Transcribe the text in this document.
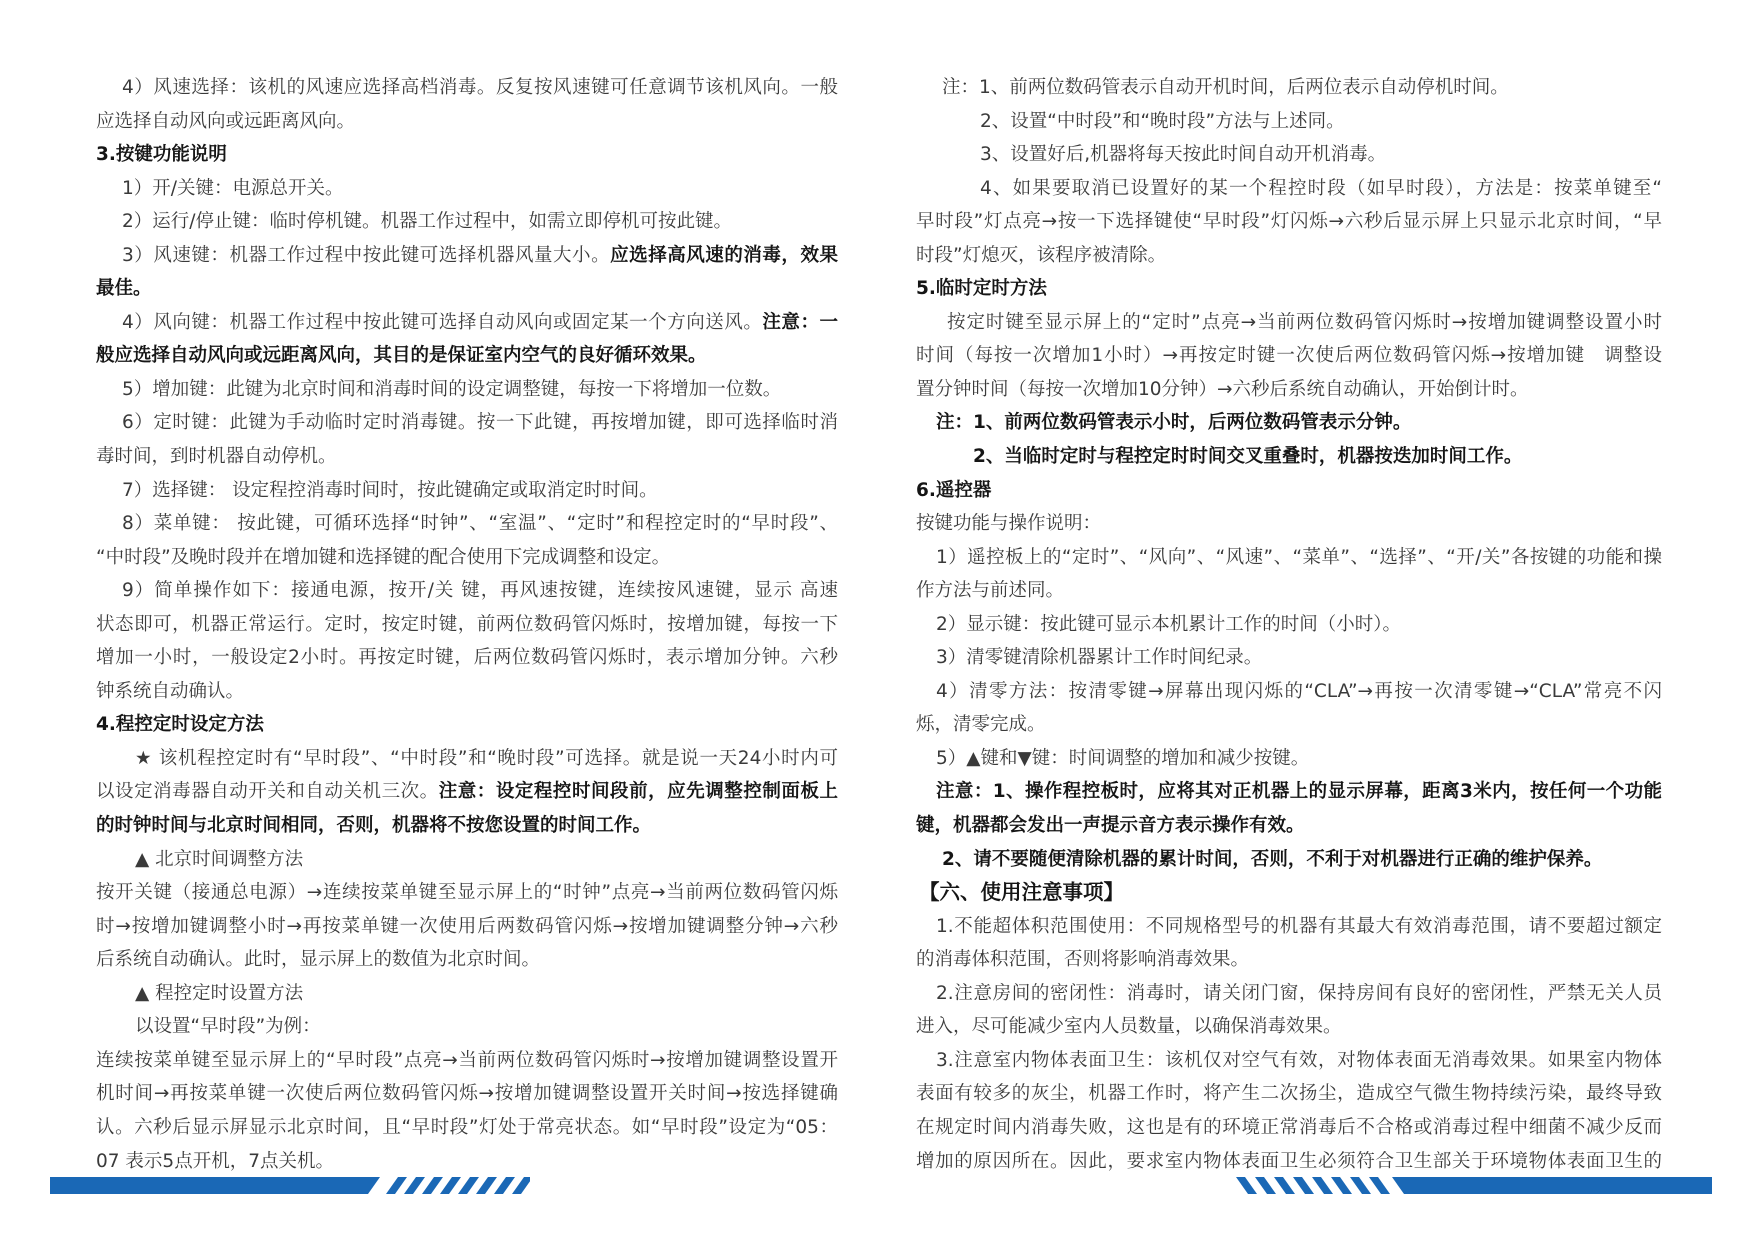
4）风速选择：该机的风速应选择高档消毒。反复按风速键可任意调节该机风向。一般
应选择自动风向或远距离风向。
3.按键功能说明
1）开/关键：电源总开关。
2）运行/停止键：临时停机键。机器工作过程中，如需立即停机可按此键。
3）风速键：机器工作过程中按此键可选择机器风量大小。应选择高风速的消毒，效果
最佳。
4）风向键：机器工作过程中按此键可选择自动风向或固定某一个方向送风。注意：一
般应选择自动风向或远距离风向，其目的是保证室内空气的良好循环效果。
5）增加键：此键为北京时间和消毒时间的设定调整键，每按一下将增加一位数。
6）定时键：此键为手动临时定时消毒键。按一下此键，再按增加键，即可选择临时消
毒时间，到时机器自动停机。
7）选择键： 设定程控消毒时间时，按此键确定或取消定时时间。
8）菜单键： 按此键，可循环选择“时钟”、“室温”、“定时”和程控定时的“早时段”、
“中时段”及晚时段并在增加键和选择键的配合使用下完成调整和设定。
9）简单操作如下：接通电源，按开/关 键，再风速按键，连续按风速键，显示 高速
状态即可，机器正常运行。定时，按定时键，前两位数码管闪烁时，按增加键，每按一下
增加一小时，一般设定2小时。再按定时键，后两位数码管闪烁时，表示增加分钟。六秒
钟系统自动确认。
4.程控定时设定方法
★ 该机程控定时有“早时段”、“中时段”和“晚时段”可选择。就是说一天24小时内可
以设定消毒器自动开关和自动关机三次。注意：设定程控时间段前，应先调整控制面板上
的时钟时间与北京时间相同，否则，机器将不按您设置的时间工作。
▲ 北京时间调整方法
按开关键（接通总电源）→连续按菜单键至显示屏上的“时钟”点亮→当前两位数码管闪烁
时→按增加键调整小时→再按菜单键一次使用后两数码管闪烁→按增加键调整分钟→六秒
后系统自动确认。此时，显示屏上的数值为北京时间。
▲ 程控定时设置方法
以设置“早时段”为例：
连续按菜单键至显示屏上的“早时段”点亮→当前两位数码管闪烁时→按增加键调整设置开
机时间→再按菜单键一次使后两位数码管闪烁→按增加键调整设置开关时间→按选择键确
认。六秒后显示屏显示北京时间，且“早时段”灯处于常亮状态。如“早时段”设定为“05：
07 表示5点开机，7点关机。
注：1、前两位数码管表示自动开机时间，后两位表示自动停机时间。
2、设置“中时段”和“晚时段”方法与上述同。
3、设置好后,机器将每天按此时间自动开机消毒。
4、如果要取消已设置好的某一个程控时段（如早时段），方法是：按菜单键至“
早时段”灯点亮→按一下选择键使“早时段”灯闪烁→六秒后显示屏上只显示北京时间，“早
时段”灯熄灭，该程序被清除。
5.临时定时方法
按定时键至显示屏上的“定时”点亮→当前两位数码管闪烁时→按增加键调整设置小时
时间（每按一次增加1小时）→再按定时键一次使后两位数码管闪烁→按增加键　调整设
置分钟时间（每按一次增加10分钟）→六秒后系统自动确认，开始倒计时。
注：1、前两位数码管表示小时，后两位数码管表示分钟。
2、当临时定时与程控定时时间交叉重叠时，机器按迭加时间工作。
6.遥控器
按键功能与操作说明：
1）遥控板上的“定时”、“风向”、“风速”、“菜单”、“选择”、“开/关”各按键的功能和操
作方法与前述同。
2）显示键：按此键可显示本机累计工作的时间（小时）。
3）清零键清除机器累计工作时间纪录。
4）清零方法：按清零键→屏幕出现闪烁的“CLA”→再按一次清零键→“CLA”常亮不闪
烁，清零完成。
5）▲键和▼键：时间调整的增加和减少按键。
注意：1、操作程控板时，应将其对正机器上的显示屏幕，距离3米内，按任何一个功能
键，机器都会发出一声提示音方表示操作有效。
2、请不要随便清除机器的累计时间，否则，不利于对机器进行正确的维护保养。
【六、使用注意事项】
1.不能超体积范围使用：不同规格型号的机器有其最大有效消毒范围，请不要超过额定
的消毒体积范围，否则将影响消毒效果。
2.注意房间的密闭性：消毒时，请关闭门窗，保持房间有良好的密闭性，严禁无关人员
进入，尽可能减少室内人员数量，以确保消毒效果。
3.注意室内物体表面卫生：该机仅对空气有效，对物体表面无消毒效果。如果室内物体
表面有较多的灰尘，机器工作时，将产生二次扬尘，造成空气微生物持续污染，最终导致
在规定时间内消毒失败，这也是有的环境正常消毒后不合格或消毒过程中细菌不减少反而
增加的原因所在。因此，要求室内物体表面卫生必须符合卫生部关于环境物体表面卫生的
